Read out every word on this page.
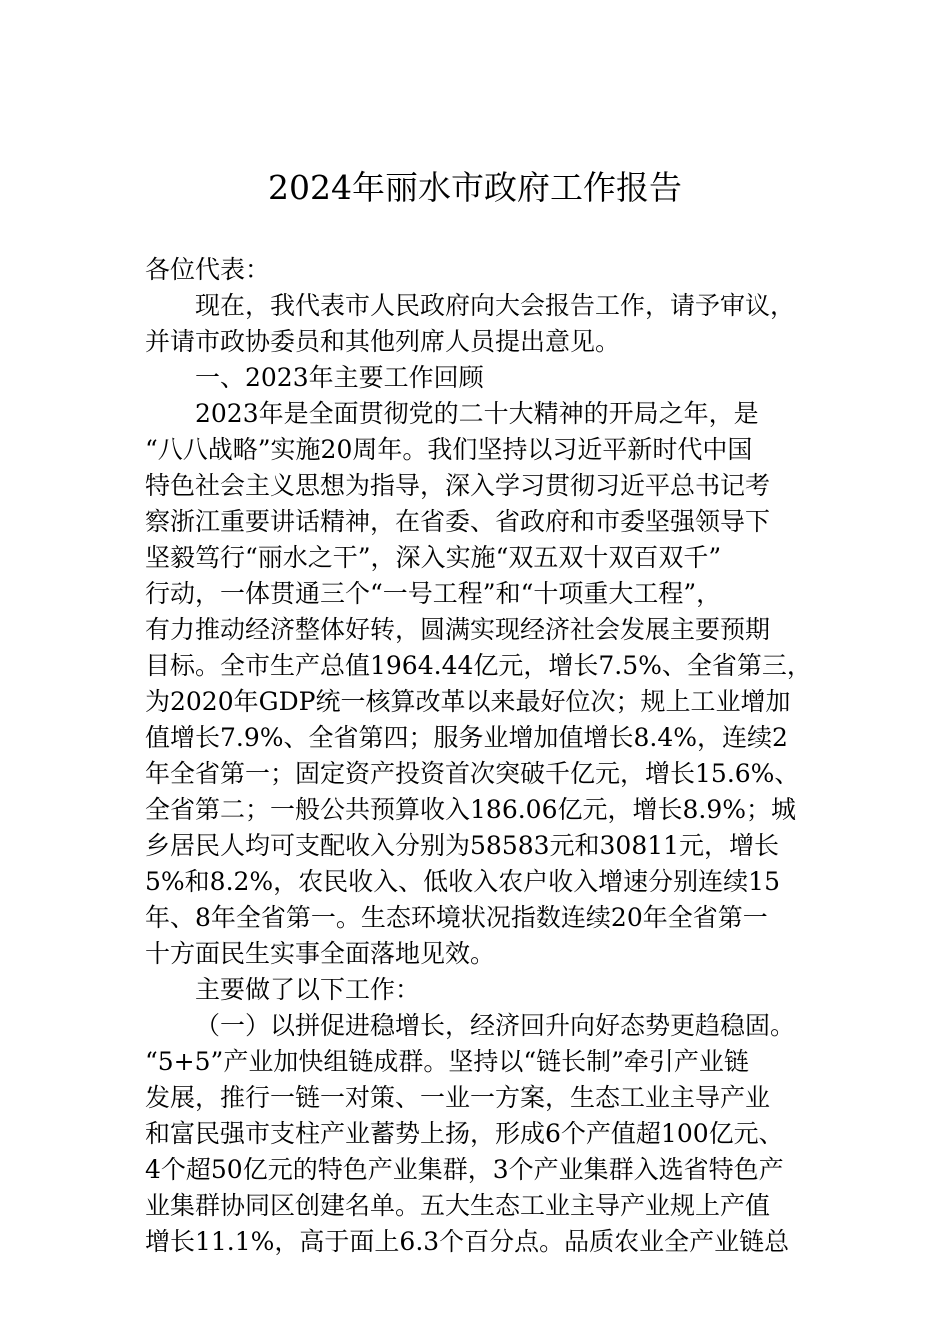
2024年丽水市政府工作报告
各位代表：
现在，我代表市人民政府向大会报告工作，请予审议，
并请市政协委员和其他列席人员提出意见。
一、2023年主要工作回顾
2023年是全面贯彻党的二十大精神的开局之年，是
“八八战略”实施20周年。我们坚持以习近平新时代中国
特色社会主义思想为指导，深入学习贯彻习近平总书记考
察浙江重要讲话精神，在省委、省政府和市委坚强领导下
坚毅笃行“丽水之干”，深入实施“双五双十双百双千”
行动，一体贯通三个“一号工程”和“十项重大工程”，
有力推动经济整体好转，圆满实现经济社会发展主要预期
目标。全市生产总值1964.44亿元，增长7.5%、全省第三，
为2020年GDP统一核算改革以来最好位次；规上工业增加
值增长7.9%、全省第四；服务业增加值增长8.4%，连续2
年全省第一；固定资产投资首次突破千亿元，增长15.6%、
全省第二；一般公共预算收入186.06亿元，增长8.9%；城
乡居民人均可支配收入分别为58583元和30811元，增长
5%和8.2%，农民收入、低收入农户收入增速分别连续15
年、8年全省第一。生态环境状况指数连续20年全省第一
十方面民生实事全面落地见效。
主要做了以下工作：
（一）以拼促进稳增长，经济回升向好态势更趋稳固。
“5+5”产业加快组链成群。坚持以“链长制”牵引产业链
发展，推行一链一对策、一业一方案，生态工业主导产业
和富民强市支柱产业蓄势上扬，形成6个产值超100亿元、
4个超50亿元的特色产业集群，3个产业集群入选省特色产
业集群协同区创建名单。五大生态工业主导产业规上产值
增长11.1%，高于面上6.3个百分点。品质农业全产业链总
